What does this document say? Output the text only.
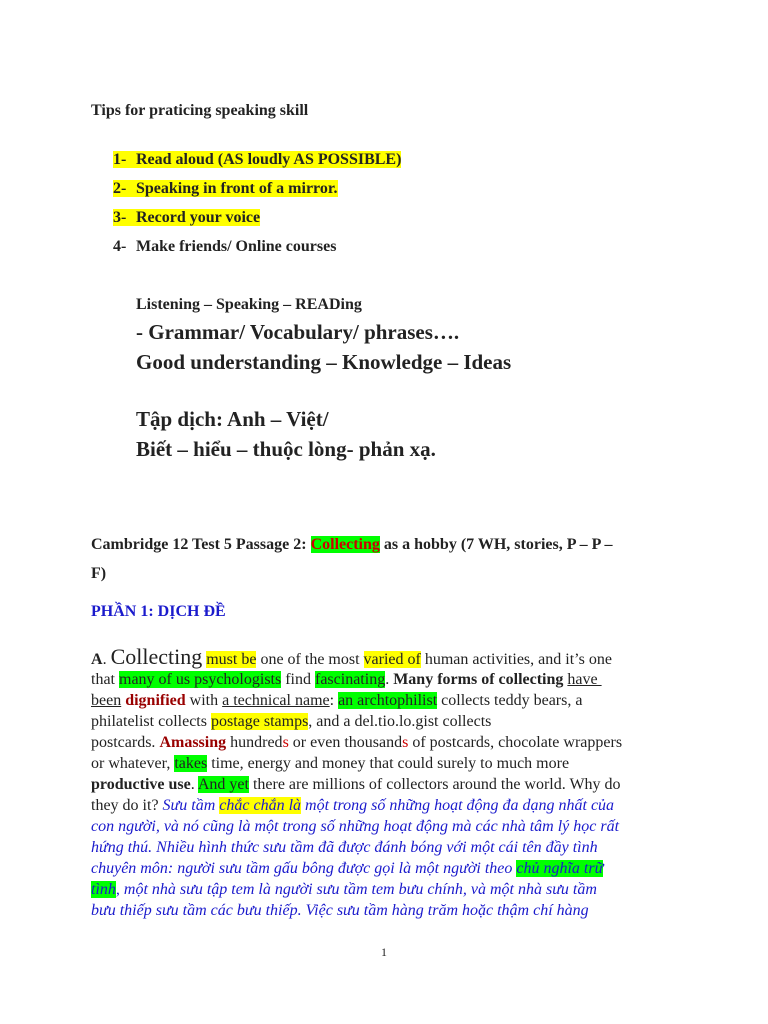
Tips for praticing speaking skill
1- Read aloud (AS loudly AS POSSIBLE)
2- Speaking in front of a mirror.
3- Record your voice
4- Make friends/ Online courses
Listening – Speaking – READing
- Grammar/ Vocabulary/ phrases….
Good understanding – Knowledge – Ideas
Tập dịch: Anh – Việt/
Biết – hiểu – thuộc lòng- phản xạ.
Cambridge 12 Test 5 Passage 2: Collecting as a hobby (7 WH, stories, P – P –
F)
PHẦN 1: DỊCH ĐỀ
A. Collecting must be one of the most varied of human activities, and it’s one
that many of us psychologists find fascinating. Many forms of collecting have
been dignified with a technical name: an archtophilist collects teddy bears, a
philatelist collects postage stamps, and a del.tio.lo.gist collects
postcards. Amassing hundreds or even thousands of postcards, chocolate wrappers
or whatever, takes time, energy and money that could surely to much more
productive use. And yet there are millions of collectors around the world. Why do
they do it? Sưu tầm chắc chắn là một trong số những hoạt động đa dạng nhất của
con người, và nó cũng là một trong số những hoạt động mà các nhà tâm lý học rất
hứng thú. Nhiều hình thức sưu tầm đã được đánh bóng với một cái tên đầy tình
chuyên môn: người sưu tầm gấu bông được gọi là một người theo chủ nghĩa trữ
tình, một nhà sưu tập tem là người sưu tầm tem bưu chính, và một nhà sưu tầm
bưu thiếp sưu tầm các bưu thiếp. Việc sưu tầm hàng trăm hoặc thậm chí hàng
1
